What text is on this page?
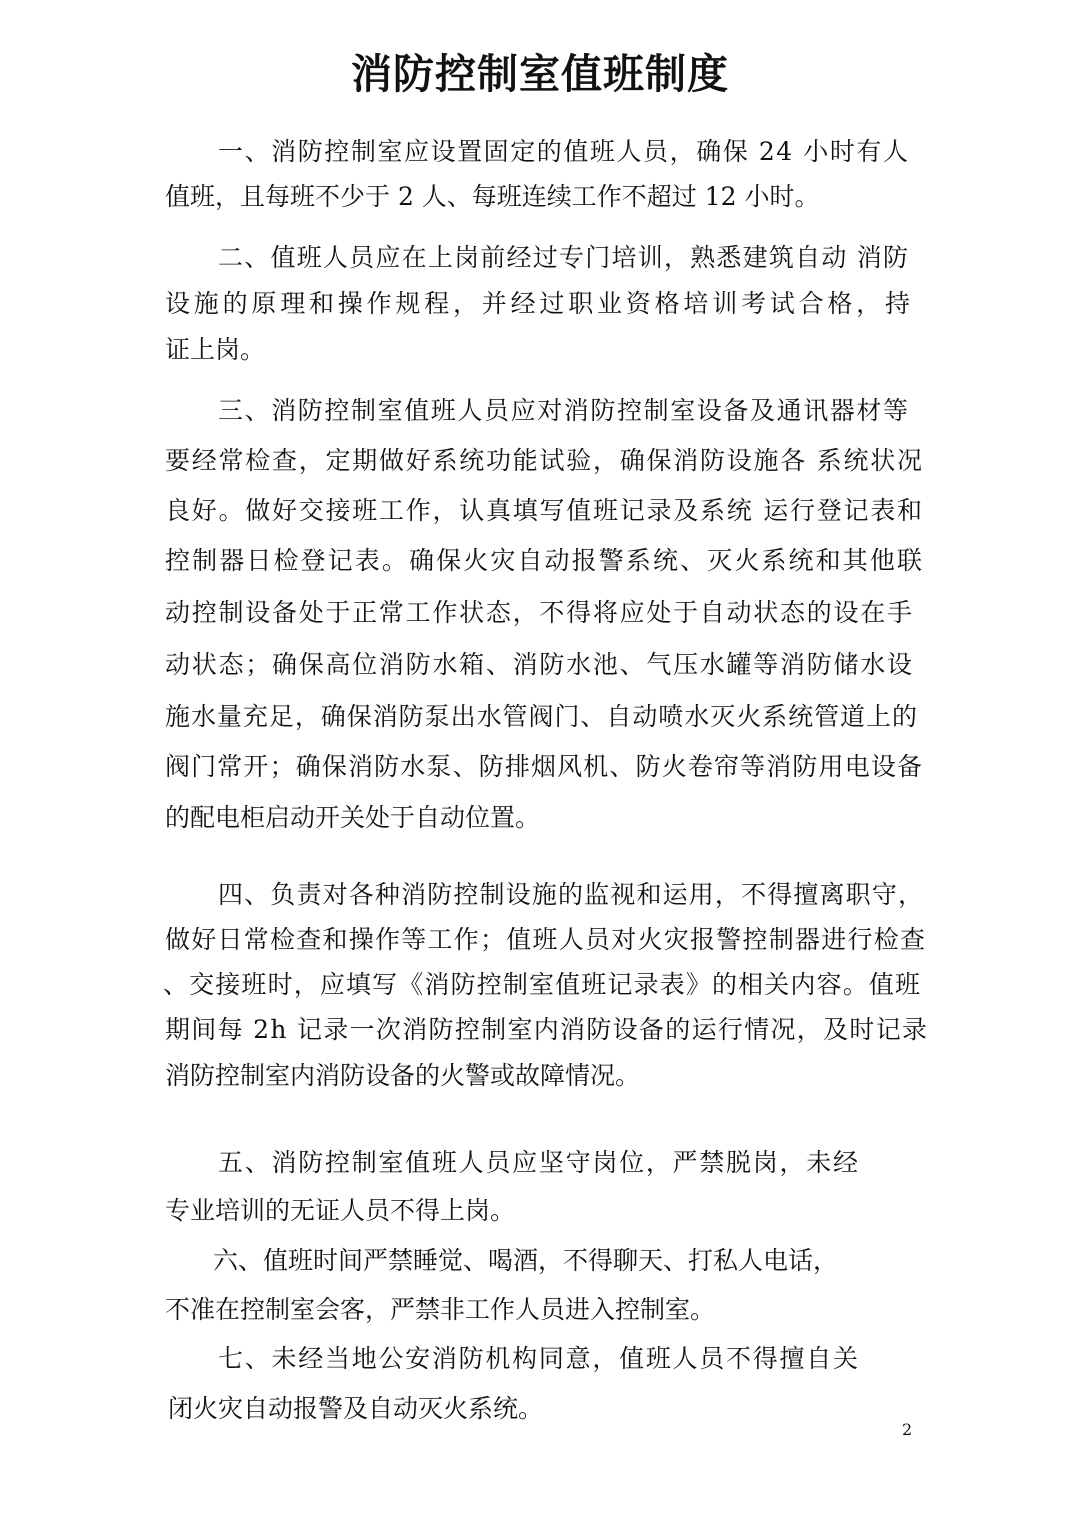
消防控制室值班制度
一、消防控制室应设置固定的值班人员，确保 24 小时有人
值班，且每班不少于 2 人、每班连续工作不超过 12 小时。
二、值班人员应在上岗前经过专门培训，熟悉建筑自动 消防
设施的原理和操作规程，并经过职业资格培训考试合格，持
证上岗。
三、消防控制室值班人员应对消防控制室设备及通讯器材等
要经常检查，定期做好系统功能试验，确保消防设施各 系统状况
良好。做好交接班工作，认真填写值班记录及系统 运行登记表和
控制器日检登记表。确保火灾自动报警系统、灭火系统和其他联
动控制设备处于正常工作状态，不得将应处于自动状态的设在手
动状态；确保高位消防水箱、消防水池、气压水罐等消防储水设
施水量充足，确保消防泵出水管阀门、自动喷水灭火系统管道上的
阀门常开；确保消防水泵、防排烟风机、防火卷帘等消防用电设备
的配电柜启动开关处于自动位置。
四、负责对各种消防控制设施的监视和运用，不得擅离职守，
做好日常检查和操作等工作；值班人员对火灾报警控制器进行检查
、交接班时，应填写《消防控制室值班记录表》的相关内容。值班
期间每 2h 记录一次消防控制室内消防设备的运行情况，及时记录
消防控制室内消防设备的火警或故障情况。
五、消防控制室值班人员应坚守岗位，严禁脱岗，未经
专业培训的无证人员不得上岗。
六、值班时间严禁睡觉、喝酒，不得聊天、打私人电话，
不准在控制室会客，严禁非工作人员进入控制室。
七、未经当地公安消防机构同意，值班人员不得擅自关
闭火灾自动报警及自动灭火系统。
2
